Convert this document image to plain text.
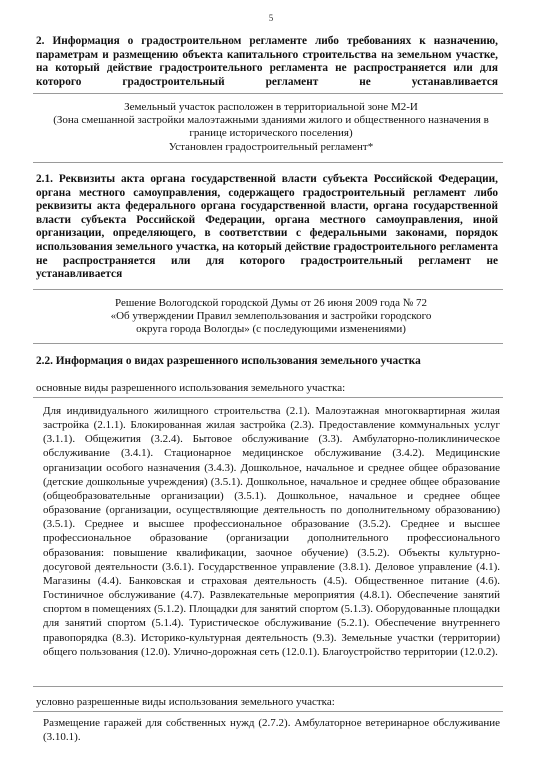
5
2. Информация о градостроительном регламенте либо требованиях к назначению, параметрам и размещению объекта капитального строительства на земельном участке, на который действие градостроительного регламента не распространяется или для которого градостроительный регламент не устанавливается
Земельный участок расположен в территориальной зоне М2-И
(Зона смешанной застройки малоэтажными зданиями жилого и общественного назначения в границе исторического поселения)
Установлен градостроительный регламент*
2.1. Реквизиты акта органа государственной власти субъекта Российской Федерации, органа местного самоуправления, содержащего градостроительный регламент либо реквизиты акта федерального органа государственной власти, органа государственной власти субъекта Российской Федерации, органа местного самоуправления, иной организации, определяющего, в соответствии с федеральными законами, порядок использования земельного участка, на который действие градостроительного регламента не распространяется или для которого градостроительный регламент не устанавливается
Решение Вологодской городской Думы от 26 июня 2009 года № 72
«Об утверждении Правил землепользования и застройки городского округа города Вологды» (с последующими изменениями)
2.2. Информация о видах разрешенного использования земельного участка
основные виды разрешенного использования земельного участка:
Для индивидуального жилищного строительства (2.1). Малоэтажная многоквартирная жилая застройка (2.1.1). Блокированная жилая застройка (2.3). Предоставление коммунальных услуг (3.1.1). Общежития (3.2.4). Бытовое обслуживание (3.3). Амбулаторно-поликлиническое обслуживание (3.4.1). Стационарное медицинское обслуживание (3.4.2). Медицинские организации особого назначения (3.4.3). Дошкольное, начальное и среднее общее образование (детские дошкольные учреждения) (3.5.1). Дошкольное, начальное и среднее общее образование (общеобразовательные организации) (3.5.1). Дошкольное, начальное и среднее общее образование (организации, осуществляющие деятельность по дополнительному образованию) (3.5.1). Среднее и высшее профессиональное образование (3.5.2). Среднее и высшее профессиональное образование (организации дополнительного профессионального образования: повышение квалификации, заочное обучение) (3.5.2). Объекты культурно-досуговой деятельности (3.6.1). Государственное управление (3.8.1). Деловое управление (4.1). Магазины (4.4). Банковская и страховая деятельность (4.5). Общественное питание (4.6). Гостиничное обслуживание (4.7). Развлекательные мероприятия (4.8.1). Обеспечение занятий спортом в помещениях (5.1.2). Площадки для занятий спортом (5.1.3). Оборудованные площадки для занятий спортом (5.1.4). Туристическое обслуживание (5.2.1). Обеспечение внутреннего правопорядка (8.3). Историко-культурная деятельность (9.3). Земельные участки (территории) общего пользования (12.0). Улично-дорожная сеть (12.0.1). Благоустройство территории (12.0.2).
условно разрешенные виды использования земельного участка:
Размещение гаражей для собственных нужд (2.7.2). Амбулаторное ветеринарное обслуживание (3.10.1).
